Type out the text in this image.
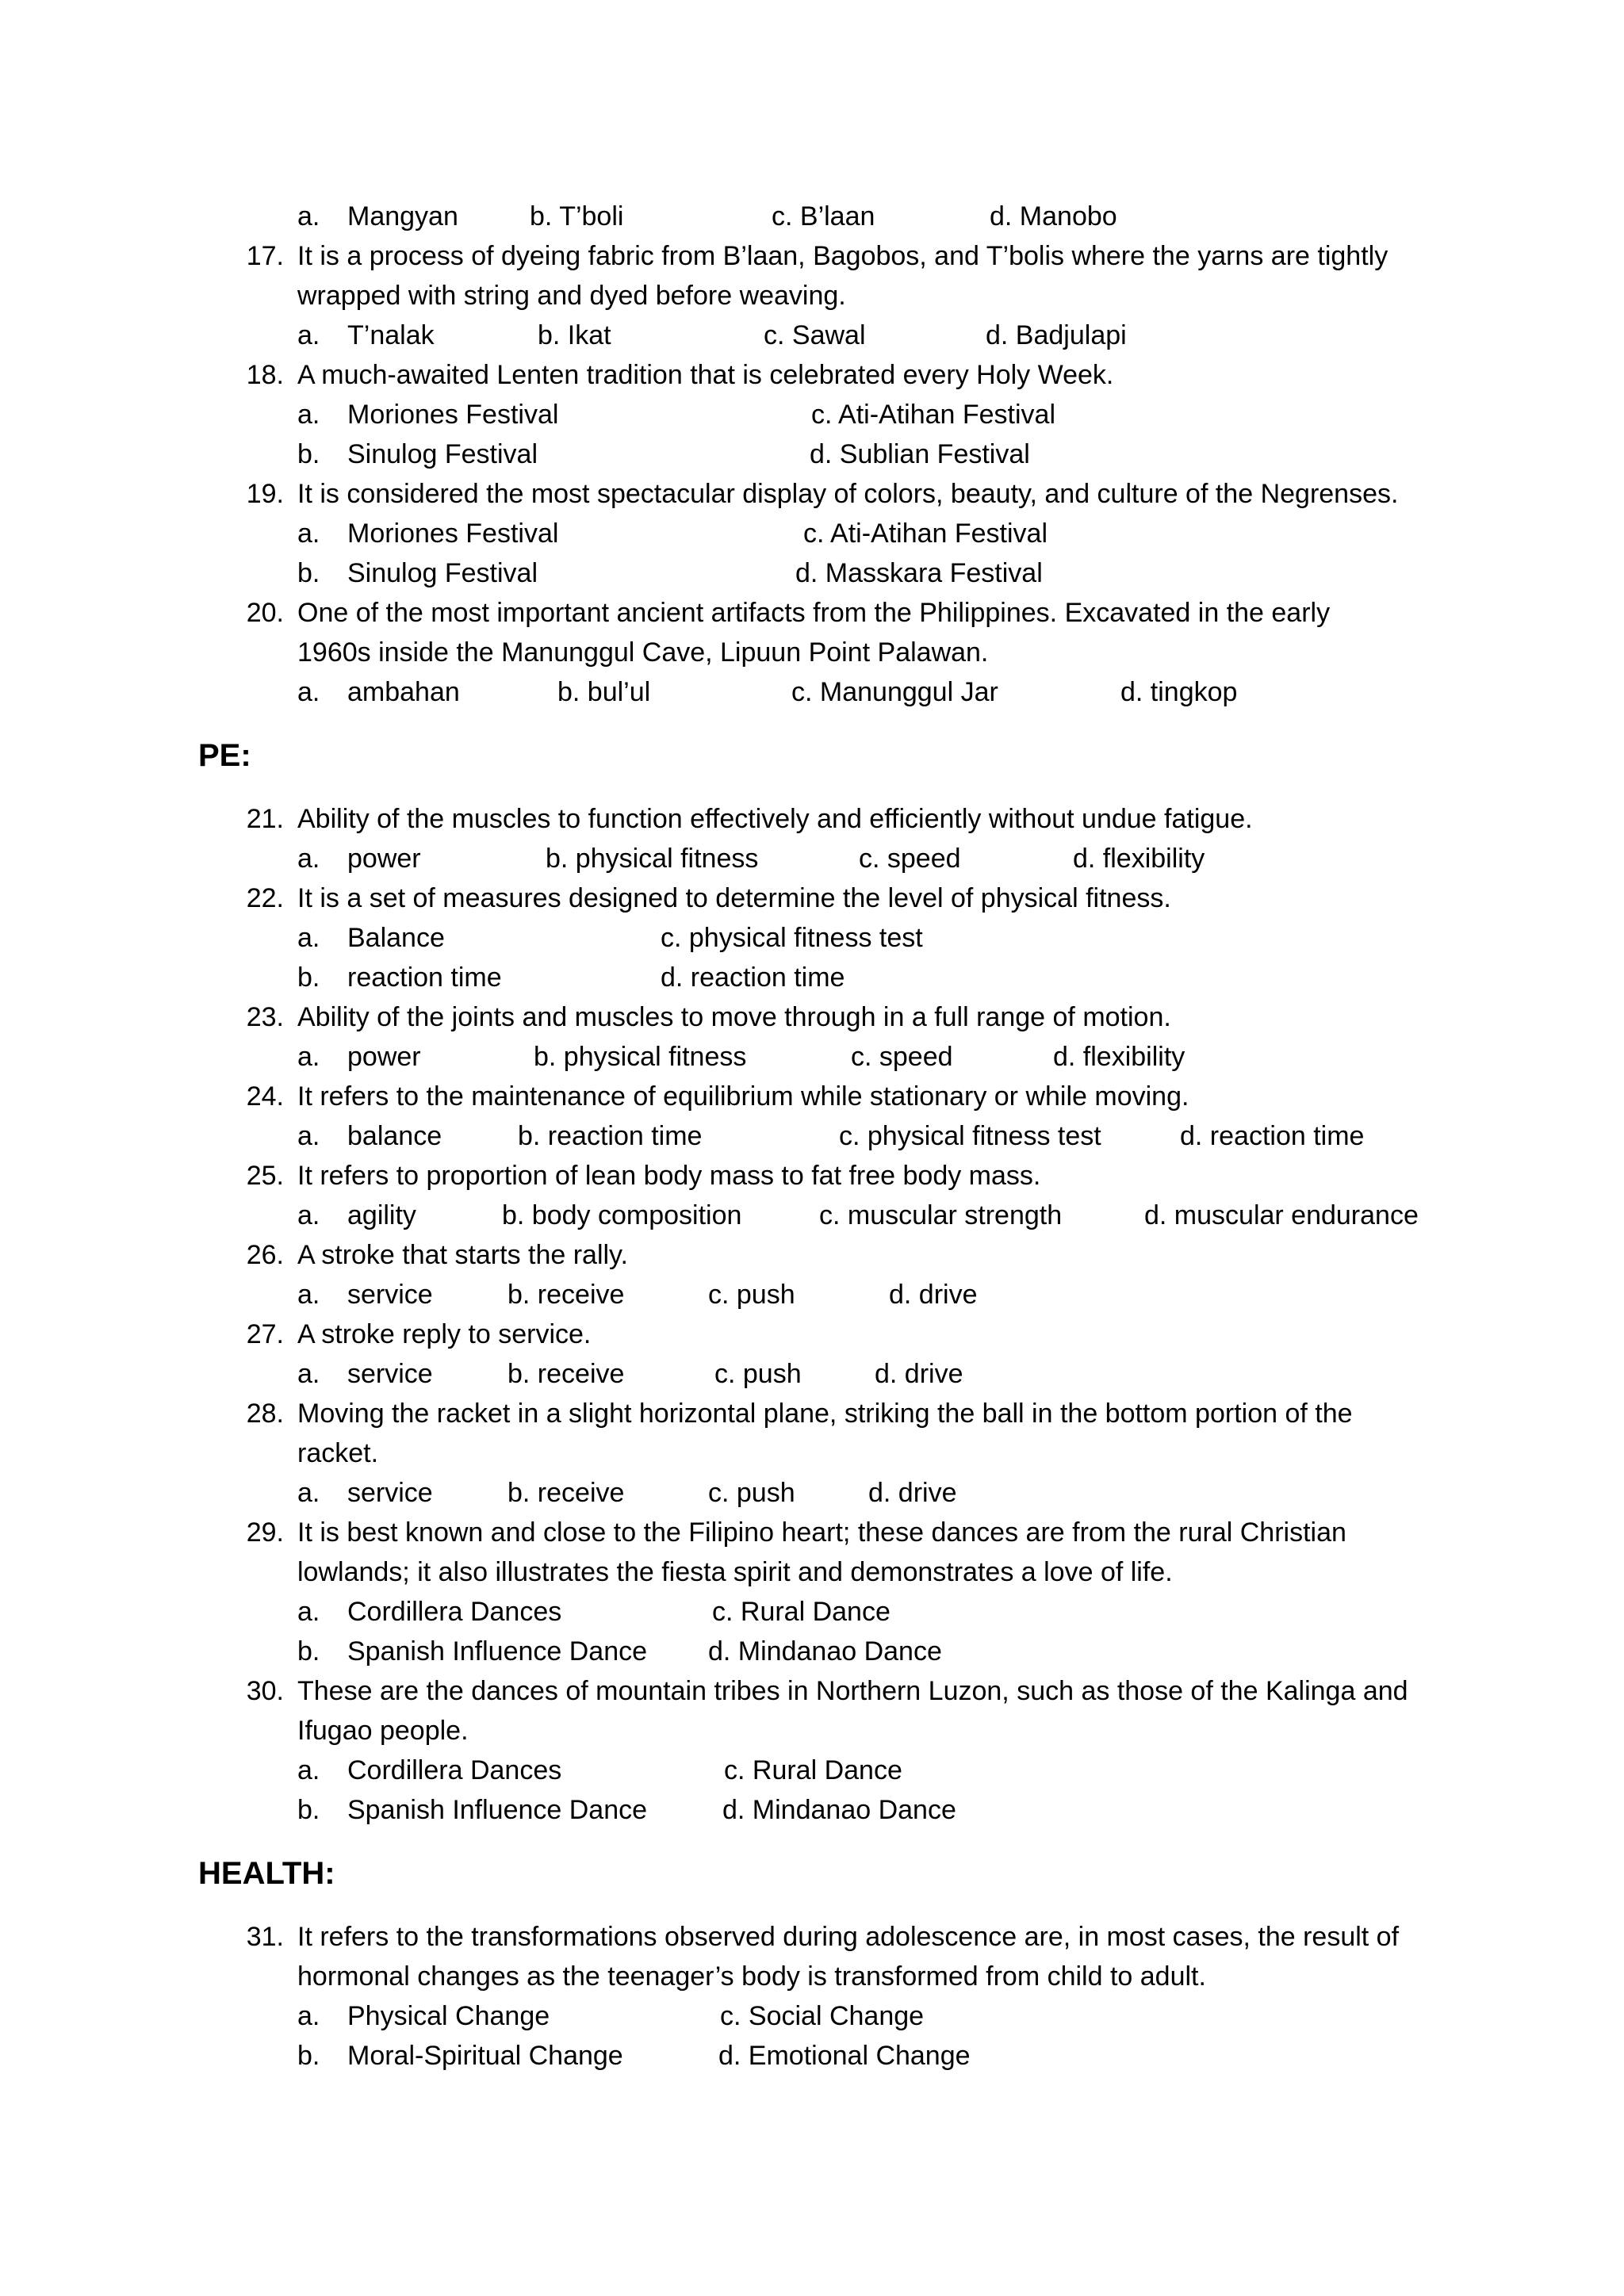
a. Mangyan	b. T’boli	c. B’laan	d. Manobo
17. It is a process of dyeing fabric from B’laan, Bagobos, and T’bolis where the yarns are tightly
wrapped with string and dyed before weaving.
a. T’nalak	b. Ikat	c. Sawal	d. Badjulapi
18. A much-awaited Lenten tradition that is celebrated every Holy Week.
a. Moriones Festival	c. Ati-Atihan Festival
b. Sinulog Festival	d. Sublian Festival
19. It is considered the most spectacular display of colors, beauty, and culture of the Negrenses.
a. Moriones Festival	c. Ati-Atihan Festival
b. Sinulog Festival	d. Masskara Festival
20. One of the most important ancient artifacts from the Philippines. Excavated in the early
1960s inside the Manunggul Cave, Lipuun Point Palawan.
a. ambahan	b. bul’ul	c. Manunggul Jar	d. tingkop
PE:
21. Ability of the muscles to function effectively and efficiently without undue fatigue.
a. power	b. physical fitness	c. speed	d. flexibility
22. It is a set of measures designed to determine the level of physical fitness.
a. Balance	c. physical fitness test
b. reaction time	d. reaction time
23. Ability of the joints and muscles to move through in a full range of motion.
a. power	b. physical fitness	c. speed	d. flexibility
24. It refers to the maintenance of equilibrium while stationary or while moving.
a. balance	b. reaction time	c. physical fitness test	d. reaction time
25. It refers to proportion of lean body mass to fat free body mass.
a. agility	b. body composition	c. muscular strength	d. muscular endurance
26. A stroke that starts the rally.
a. service	b. receive	c. push	d. drive
27. A stroke reply to service.
a. service	b. receive	c. push	d. drive
28. Moving the racket in a slight horizontal plane, striking the ball in the bottom portion of the
racket.
a. service	b. receive	c. push	d. drive
29. It is best known and close to the Filipino heart; these dances are from the rural Christian
lowlands; it also illustrates the fiesta spirit and demonstrates a love of life.
a. Cordillera Dances	c. Rural Dance
b. Spanish Influence Dance d. Mindanao Dance
30. These are the dances of mountain tribes in Northern Luzon, such as those of the Kalinga and
Ifugao people.
a. Cordillera Dances	c. Rural Dance
b. Spanish Influence Dance	d. Mindanao Dance
HEALTH:
31. It refers to the transformations observed during adolescence are, in most cases, the result of
hormonal changes as the teenager’s body is transformed from child to adult.
a. Physical Change	c. Social Change
b. Moral-Spiritual Change	d. Emotional Change
